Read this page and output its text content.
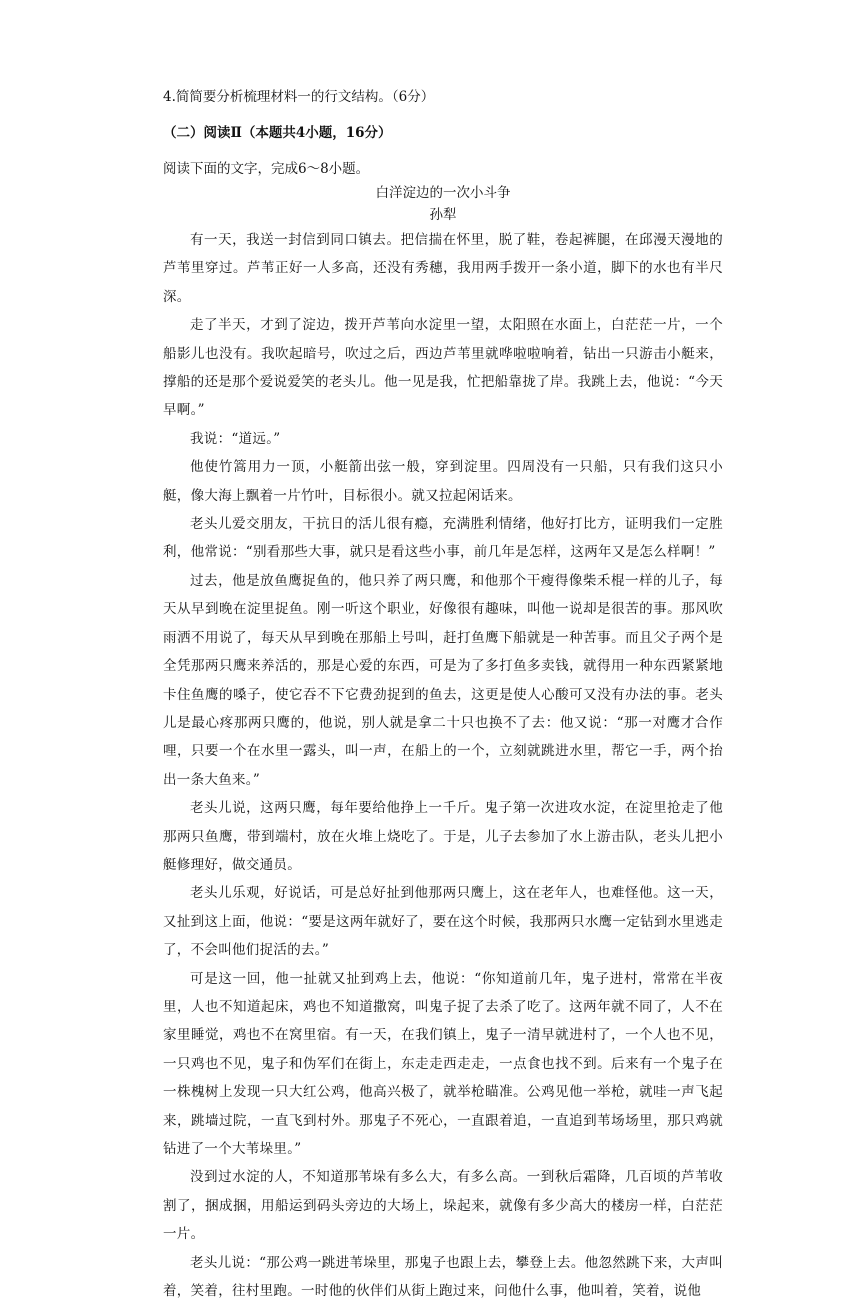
4.简简要分析梳理材料一的行文结构。（6分）
（二）阅读Ⅱ（本题共4小题，16分）
阅读下面的文字，完成6～8小题。
白洋淀边的一次小斗争
孙犁

有一天，我送一封信到同口镇去。把信揣在怀里，脱了鞋，卷起裤腿，在邱漫天漫地的芦苇里穿过。芦苇正好一人多高，还没有秀穗，我用两手拨开一条小道，脚下的水也有半尺深。

走了半天，才到了淀边，拨开芦苇向水淀里一望，太阳照在水面上，白茫茫一片，一个船影儿也没有。我吹起暗号，吹过之后，西边芦苇里就哗啦啦响着，钻出一只游击小艇来，撑船的还是那个爱说爱笑的老头儿。他一见是我，忙把船靠拢了岸。我跳上去，他说：“今天早啊。”

我说：“道远。”

他使竹篙用力一顶，小艇箭出弦一般，穿到淀里。四周没有一只船，只有我们这只小艇，像大海上飘着一片竹叶，目标很小。就又拉起闲话来。

老头儿爱交朋友，干抗日的活儿很有瘾，充满胜利情绪，他好打比方，证明我们一定胜利，他常说：“别看那些大事，就只是看这些小事，前几年是怎样，这两年又是怎么样啊！”

过去，他是放鱼鹰捉鱼的，他只养了两只鹰，和他那个干瘦得像柴禾棍一样的儿子，每天从早到晚在淀里捉鱼。刚一听这个职业，好像很有趣味，叫他一说却是很苦的事。那风吹雨洒不用说了，每天从早到晚在那船上号叫，赶打鱼鹰下船就是一种苦事。而且父子两个是全凭那两只鹰来养活的，那是心爱的东西，可是为了多打鱼多卖钱，就得用一种东西紧紧地卡住鱼鹰的嗓子，使它吞不下它费劲捉到的鱼去，这更是使人心酸可又没有办法的事。老头儿是最心疼那两只鹰的，他说，别人就是拿二十只也换不了去：他又说：“那一对鹰才合作哩，只要一个在水里一露头，叫一声，在船上的一个，立刻就跳进水里，帮它一手，两个抬出一条大鱼来。”

老头儿说，这两只鹰，每年要给他挣上一千斤。鬼子第一次进攻水淀，在淀里抢走了他那两只鱼鹰，带到端村，放在火堆上烧吃了。于是，儿子去参加了水上游击队，老头儿把小艇修理好，做交通员。

老头儿乐观，好说话，可是总好扯到他那两只鹰上，这在老年人，也难怪他。这一天，又扯到这上面，他说：“要是这两年就好了，要在这个时候，我那两只水鹰一定钻到水里逃走了，不会叫他们捉活的去。”

可是这一回，他一扯就又扯到鸡上去，他说：“你知道前几年，鬼子进村，常常在半夜里，人也不知道起床，鸡也不知道撒窝，叫鬼子捉了去杀了吃了。这两年就不同了，人不在家里睡觉，鸡也不在窝里宿。有一天，在我们镇上，鬼子一清早就进村了，一个人也不见，一只鸡也不见，鬼子和伪军们在街上，东走走西走走，一点食也找不到。后来有一个鬼子在一株槐树上发现一只大红公鸡，他高兴极了，就举枪瞄准。公鸡见他一举枪，就哇一声飞起来，跳墙过院，一直飞到村外。那鬼子不死心，一直跟着追，一直追到苇场场里，那只鸡就钻进了一个大苇垛里。”

没到过水淀的人，不知道那苇垛有多么大，有多么高。一到秋后霜降，几百顷的芦苇收割了，捆成捆，用船运到码头旁边的大场上，垛起来，就像有多少高大的楼房一样，白茫茫一片。

老头儿说：“那公鸡一跳进苇垛里，那鬼子也跟上去，攀登上去。他忽然跳下来，大声叫着，笑着，往村里跑。一时他的伙伴们从街上跑过来，问他什么事，他叫着，笑着，说他
